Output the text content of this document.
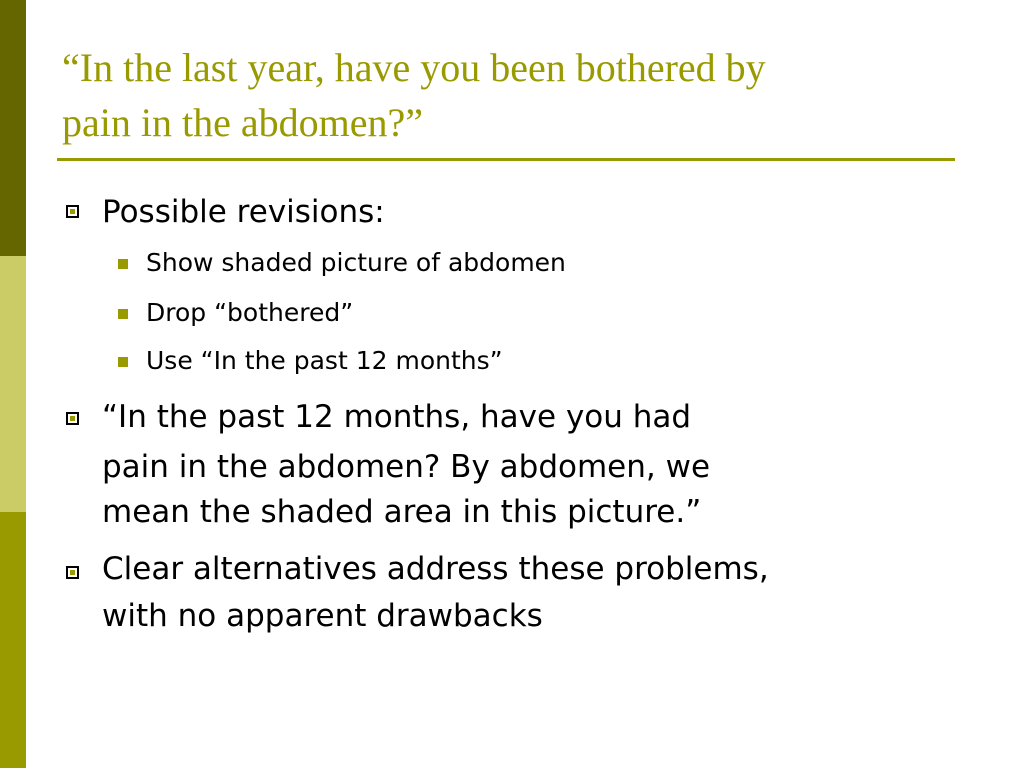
“In the last year, have you been bothered by
pain in the abdomen?”
Possible revisions:
Show shaded picture of abdomen
Drop “bothered”
Use “In the past 12 months”
“In the past 12 months, have you had
pain in the abdomen? By abdomen, we
mean the shaded area in this picture.”
Clear alternatives address these problems,
with no apparent drawbacks
